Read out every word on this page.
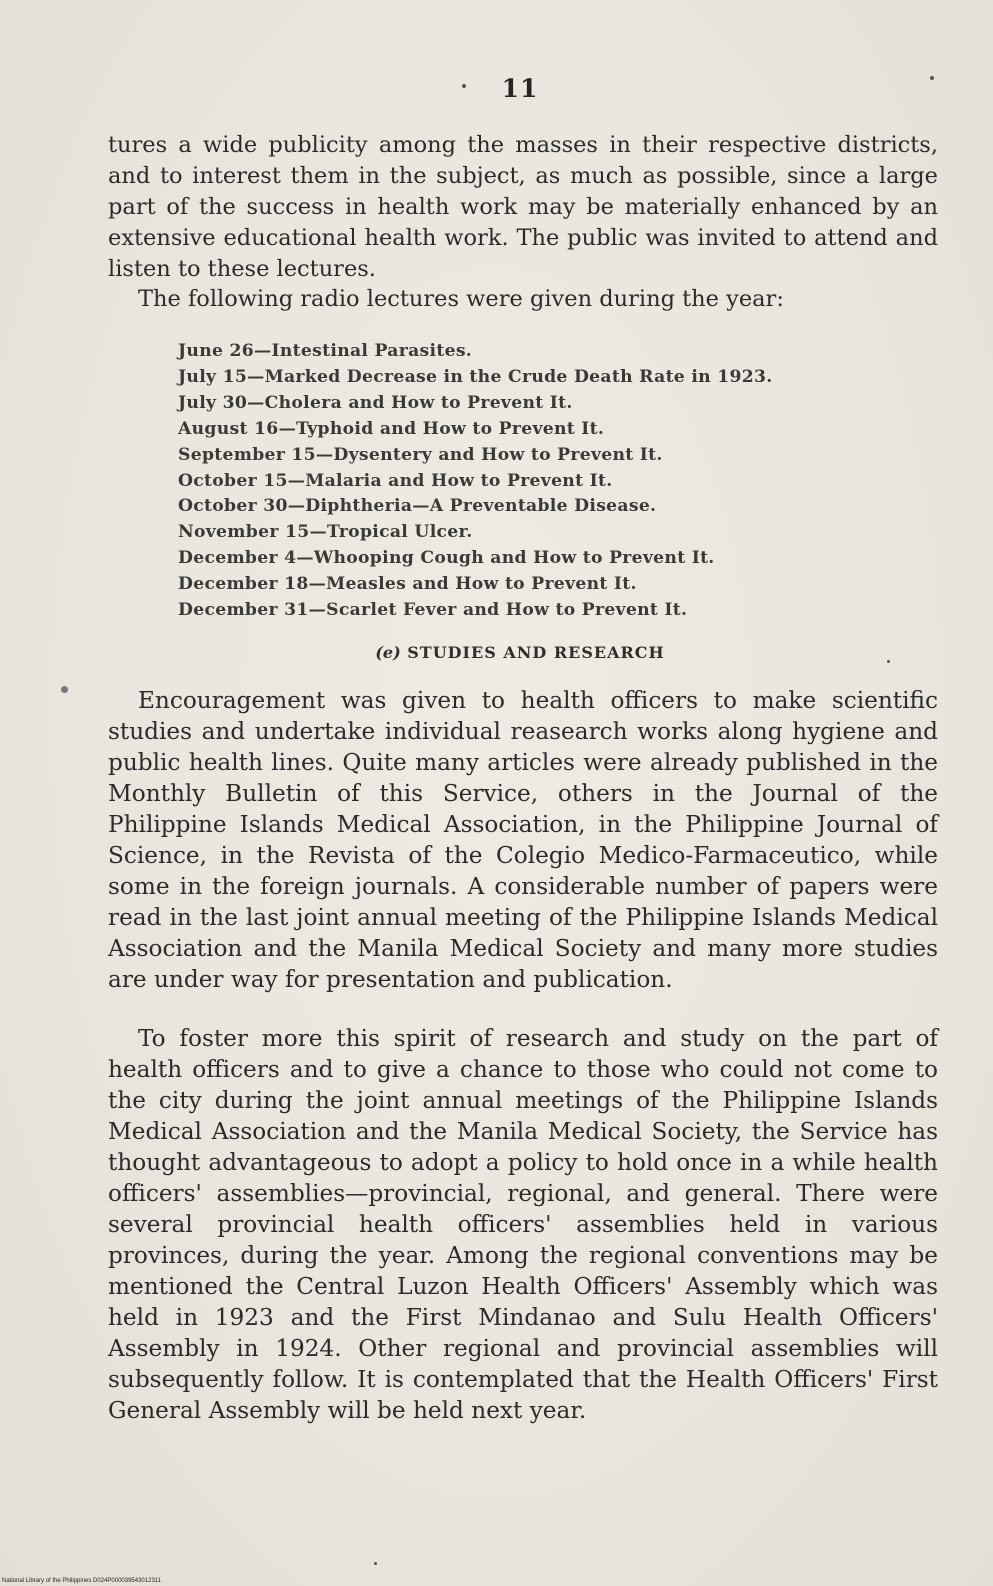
11

tures a wide publicity among the masses in their respective districts, and to interest them in the subject, as much as possible, since a large part of the success in health work may be materially enhanced by an extensive educational health work. The public was invited to attend and listen to these lectures.

The following radio lectures were given during the year:

June 26—Intestinal Parasites.
July 15—Marked Decrease in the Crude Death Rate in 1923.
July 30—Cholera and How to Prevent It.
August 16—Typhoid and How to Prevent It.
September 15—Dysentery and How to Prevent It.
October 15—Malaria and How to Prevent It.
October 30—Diphtheria—A Preventable Disease.
November 15—Tropical Ulcer.
December 4—Whooping Cough and How to Prevent It.
December 18—Measles and How to Prevent It.
December 31—Scarlet Fever and How to Prevent It.
(e) STUDIES AND RESEARCH

Encouragement was given to health officers to make scientific studies and undertake individual reasearch works along hygiene and public health lines. Quite many articles were already published in the Monthly Bulletin of this Service, others in the Journal of the Philippine Islands Medical Association, in the Philippine Journal of Science, in the Revista of the Colegio Medico-Farmaceutico, while some in the foreign journals. A considerable number of papers were read in the last joint annual meeting of the Philippine Islands Medical Association and the Manila Medical Society and many more studies are under way for presentation and publication.

To foster more this spirit of research and study on the part of health officers and to give a chance to those who could not come to the city during the joint annual meetings of the Philippine Islands Medical Association and the Manila Medical Society, the Service has thought advantageous to adopt a policy to hold once in a while health officers' assemblies—provincial, regional, and general. There were several provincial health officers' assemblies held in various provinces, during the year. Among the regional conventions may be mentioned the Central Luzon Health Officers' Assembly which was held in 1923 and the First Mindanao and Sulu Health Officers' Assembly in 1924. Other regional and provincial assemblies will subsequently follow. It is contemplated that the Health Officers' First General Assembly will be held next year.

National Library of the Philippines D024P000039543012311
